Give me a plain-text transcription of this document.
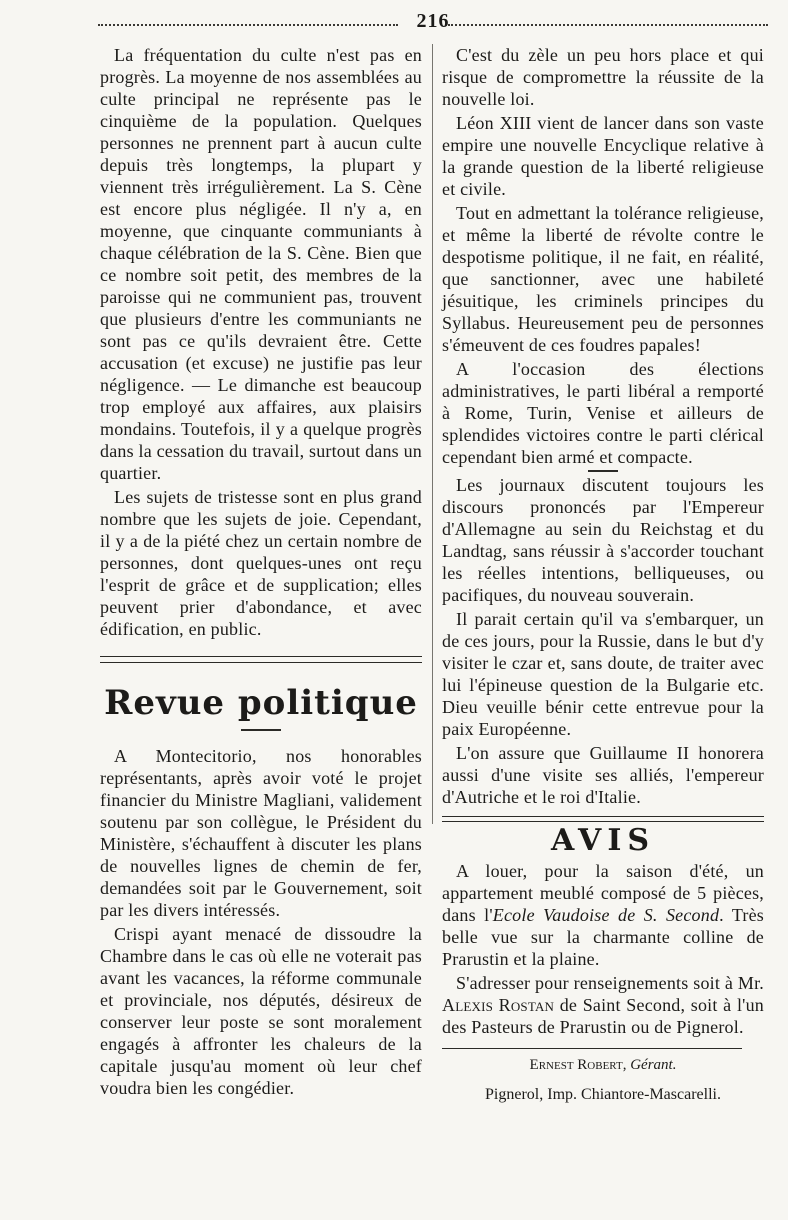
216

La fréquentation du culte n'est pas en progrès. La moyenne de nos assemblées au culte principal ne représente pas le cinquième de la population. Quelques personnes ne prennent part à aucun culte depuis très longtemps, la plupart y viennent très irrégulièrement. La S. Cène est encore plus négligée. Il n'y a, en moyenne, que cinquante communiants à chaque célébration de la S. Cène. Bien que ce nombre soit petit, des membres de la paroisse qui ne communient pas, trouvent que plusieurs d'entre les communiants ne sont pas ce qu'ils devraient être. Cette accusation (et excuse) ne justifie pas leur négligence. — Le dimanche est beaucoup trop employé aux affaires, aux plaisirs mondains. Toutefois, il y a quelque progrès dans la cessation du travail, surtout dans un quartier.

Les sujets de tristesse sont en plus grand nombre que les sujets de joie. Cependant, il y a de la piété chez un certain nombre de personnes, dont quelques-unes ont reçu l'esprit de grâce et de supplication; elles peuvent prier d'abondance, et avec édification, en public.

Revue politique

A Montecitorio, nos honorables représentants, après avoir voté le projet financier du Ministre Magliani, validement soutenu par son collègue, le Président du Ministère, s'échauffent à discuter les plans de nouvelles lignes de chemin de fer, demandées soit par le Gouvernement, soit par les divers intéressés.

Crispi ayant menacé de dissoudre la Chambre dans le cas où elle ne voterait pas avant les vacances, la réforme communale et provinciale, nos députés, désireux de conserver leur poste se sont moralement engagés à affronter les chaleurs de la capitale jusqu'au moment où leur chef voudra bien les congédier.

C'est du zèle un peu hors place et qui risque de compromettre la réussite de la nouvelle loi.

Léon XIII vient de lancer dans son vaste empire une nouvelle Encyclique relative à la grande question de la liberté religieuse et civile.

Tout en admettant la tolérance religieuse, et même la liberté de révolte contre le despotisme politique, il ne fait, en réalité, que sanctionner, avec une habileté jésuitique, les criminels principes du Syllabus. Heureusement peu de personnes s'émeuvent de ces foudres papales!

A l'occasion des élections administratives, le parti libéral a remporté à Rome, Turin, Venise et ailleurs de splendides victoires contre le parti clérical cependant bien armé et compacte.

Les journaux discutent toujours les discours prononcés par l'Empereur d'Allemagne au sein du Reichstag et du Landtag, sans réussir à s'accorder touchant les réelles intentions, belliqueuses, ou pacifiques, du nouveau souverain.

Il parait certain qu'il va s'embarquer, un de ces jours, pour la Russie, dans le but d'y visiter le czar et, sans doute, de traiter avec lui l'épineuse question de la Bulgarie etc. Dieu veuille bénir cette entrevue pour la paix Européenne.

L'on assure que Guillaume II honorera aussi d'une visite ses alliés, l'empereur d'Autriche et le roi d'Italie.

AVIS

A louer, pour la saison d'été, un appartement meublé composé de 5 pièces, dans l'Ecole Vaudoise de S. Second. Très belle vue sur la charmante colline de Prarustin et la plaine.

S'adresser pour renseignements soit à Mr. Alexis Rostan de Saint Second, soit à l'un des Pasteurs de Prarustin ou de Pignerol.

Ernest Robert, Gérant.
Pignerol, Imp. Chiantore-Mascarelli.
